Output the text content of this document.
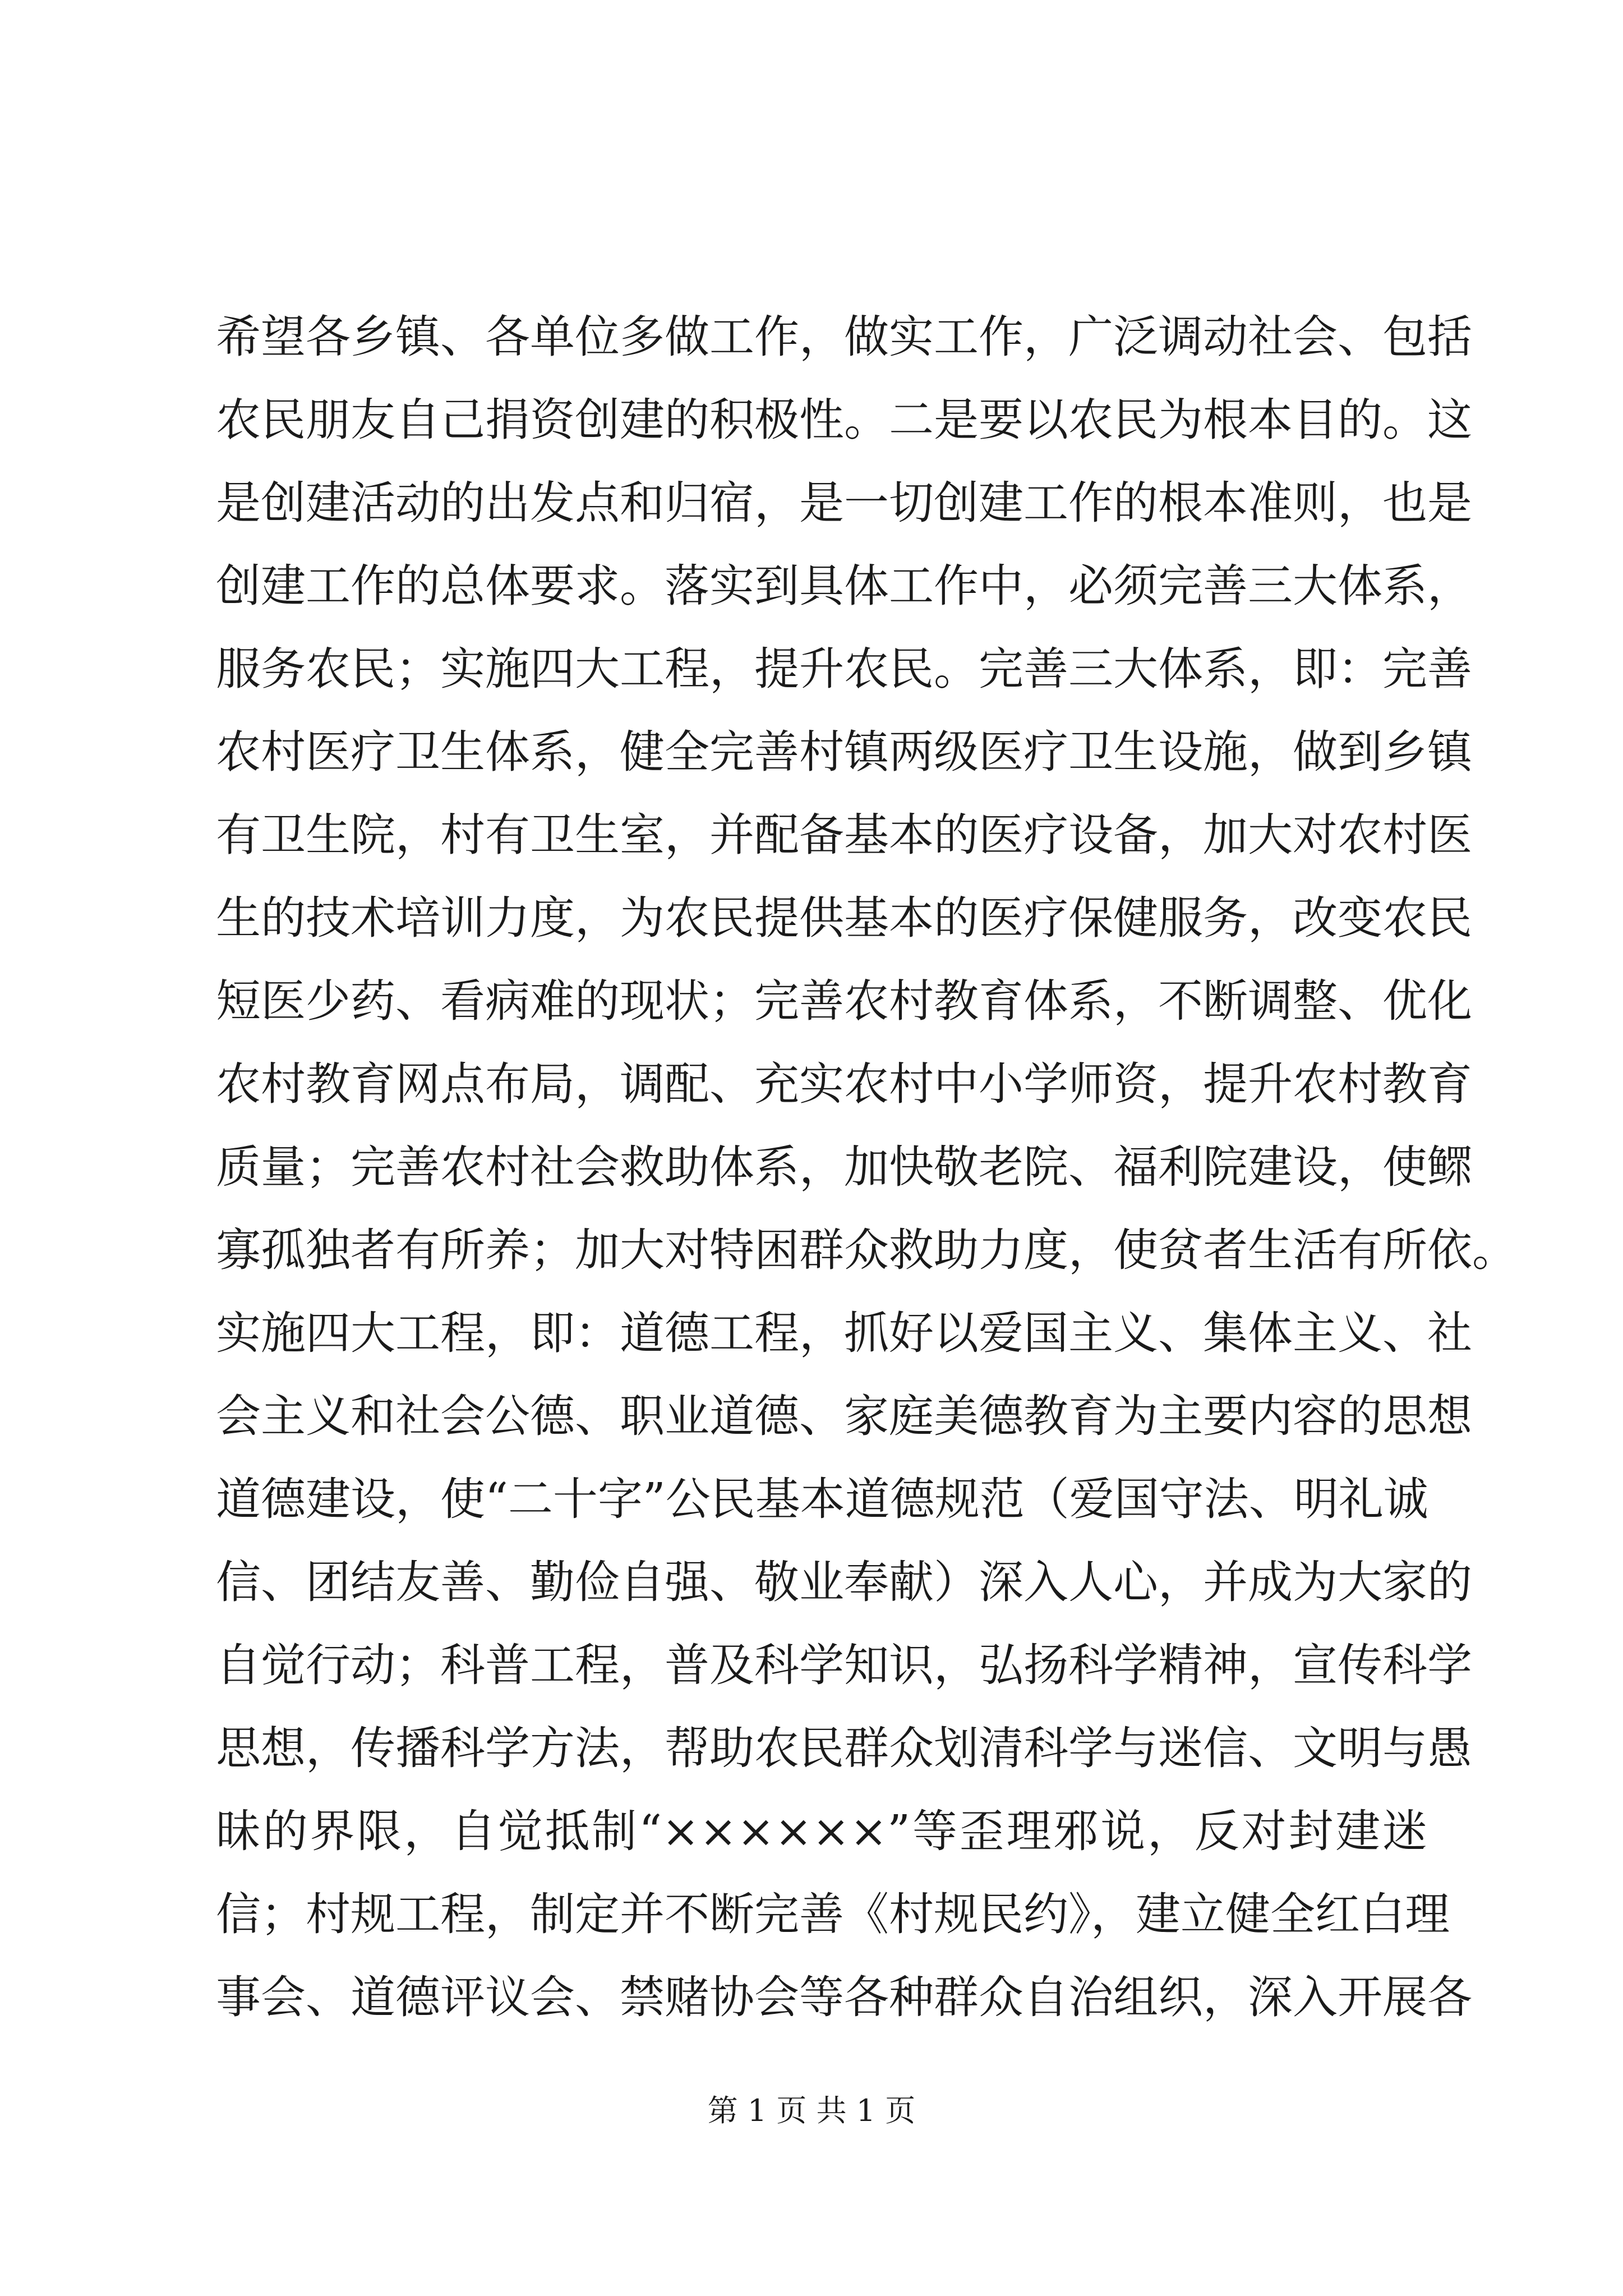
希望各乡镇、各单位多做工作，做实工作，广泛调动社会、包括
农民朋友自己捐资创建的积极性。二是要以农民为根本目的。这
是创建活动的出发点和归宿，是一切创建工作的根本准则，也是
创建工作的总体要求。落实到具体工作中，必须完善三大体系，
服务农民；实施四大工程，提升农民。完善三大体系，即：完善
农村医疗卫生体系，健全完善村镇两级医疗卫生设施，做到乡镇
有卫生院，村有卫生室，并配备基本的医疗设备，加大对农村医
生的技术培训力度，为农民提供基本的医疗保健服务，改变农民
短医少药、看病难的现状；完善农村教育体系，不断调整、优化
农村教育网点布局，调配、充实农村中小学师资，提升农村教育
质量；完善农村社会救助体系，加快敬老院、福利院建设，使鳏
寡孤独者有所养；加大对特困群众救助力度，使贫者生活有所依。
实施四大工程，即：道德工程，抓好以爱国主义、集体主义、社
会主义和社会公德、职业道德、家庭美德教育为主要内容的思想
道德建设，使“二十字”公民基本道德规范（爱国守法、明礼诚
信、团结友善、勤俭自强、敬业奉献）深入人心，并成为大家的
自觉行动；科普工程，普及科学知识，弘扬科学精神，宣传科学
思想，传播科学方法，帮助农民群众划清科学与迷信、文明与愚
昧的界限，自觉抵制“××××××”等歪理邪说，反对封建迷
信；村规工程，制定并不断完善《村规民约》，建立健全红白理
事会、道德评议会、禁赌协会等各种群众自治组织，深入开展各
第 1 页 共 1 页
